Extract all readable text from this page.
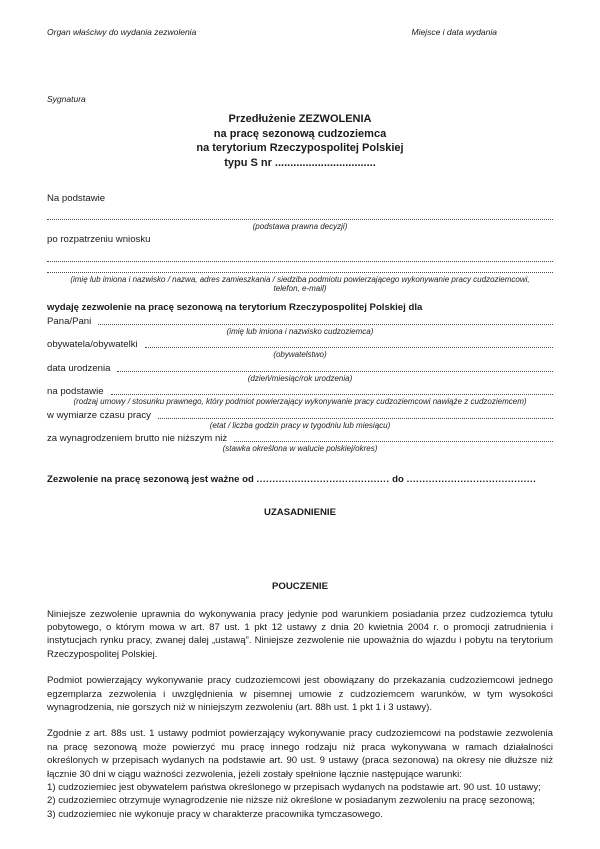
Organ właściwy do wydania zezwolenia	Miejsce i data wydania
Sygnatura
Przedłużenie ZEZWOLENIA
na pracę sezonową cudzoziemca
na terytorium Rzeczypospolitej Polskiej
typu S nr .................................
Na podstawie
(podstawa prawna decyzji)
po rozpatrzeniu wniosku
(imię lub imiona i nazwisko / nazwa, adres zamieszkania / siedziba podmiotu powierzającego wykonywanie pracy cudzoziemcowi,
telefon, e-mail)
wydaję zezwolenie na pracę sezonową na terytorium Rzeczypospolitej Polskiej dla
Pana/Pani
(imię lub imiona i nazwisko cudzoziemca)
obywatela/obywatelki
(obywatelstwo)
data urodzenia
(dzień/miesiąc/rok urodzenia)
na podstawie
(rodzaj umowy / stosunku prawnego, który podmiot powierzający wykonywanie pracy cudzoziemcowi nawiąże z cudzoziemcem)
w wymiarze czasu pracy
(etat / liczba godzin pracy w tygodniu lub miesiącu)
za wynagrodzeniem brutto nie niższym niż
(stawka określona w walucie polskiej/okres)
Zezwolenie na pracę sezonową jest ważne od .......................................... do .........................................
UZASADNIENIE
POUCZENIE

Niniejsze zezwolenie uprawnia do wykonywania pracy jedynie pod warunkiem posiadania przez cudzoziemca tytułu pobytowego, o którym mowa w art. 87 ust. 1 pkt 12 ustawy z dnia 20 kwietnia 2004 r. o promocji zatrudnienia i instytucjach rynku pracy, zwanej dalej „ustawą”. Niniejsze zezwolenie nie upoważnia do wjazdu i pobytu na terytorium Rzeczypospolitej Polskiej.

Podmiot powierzający wykonywanie pracy cudzoziemcowi jest obowiązany do przekazania cudzoziemcowi jednego egzemplarza zezwolenia i uwzględnienia w pisemnej umowie z cudzoziemcem warunków, w tym wysokości wynagrodzenia, nie gorszych niż w niniejszym zezwoleniu (art. 88h ust. 1 pkt 1 i 3 ustawy).

Zgodnie z art. 88s ust. 1 ustawy podmiot powierzający wykonywanie pracy cudzoziemcowi na podstawie zezwolenia na pracę sezonową może powierzyć mu pracę innego rodzaju niż praca wykonywana w ramach działalności określonych w przepisach wydanych na podstawie art. 90 ust. 9 ustawy (praca sezonowa) na okresy nie dłuższe niż łącznie 30 dni w ciągu ważności zezwolenia, jeżeli zostały spełnione łącznie następujące warunki:

1) cudzoziemiec jest obywatelem państwa określonego w przepisach wydanych na podstawie art. 90 ust. 10 ustawy;
2) cudzoziemiec otrzymuje wynagrodzenie nie niższe niż określone w posiadanym zezwoleniu na pracę sezonową;
3) cudzoziemiec nie wykonuje pracy w charakterze pracownika tymczasowego.
